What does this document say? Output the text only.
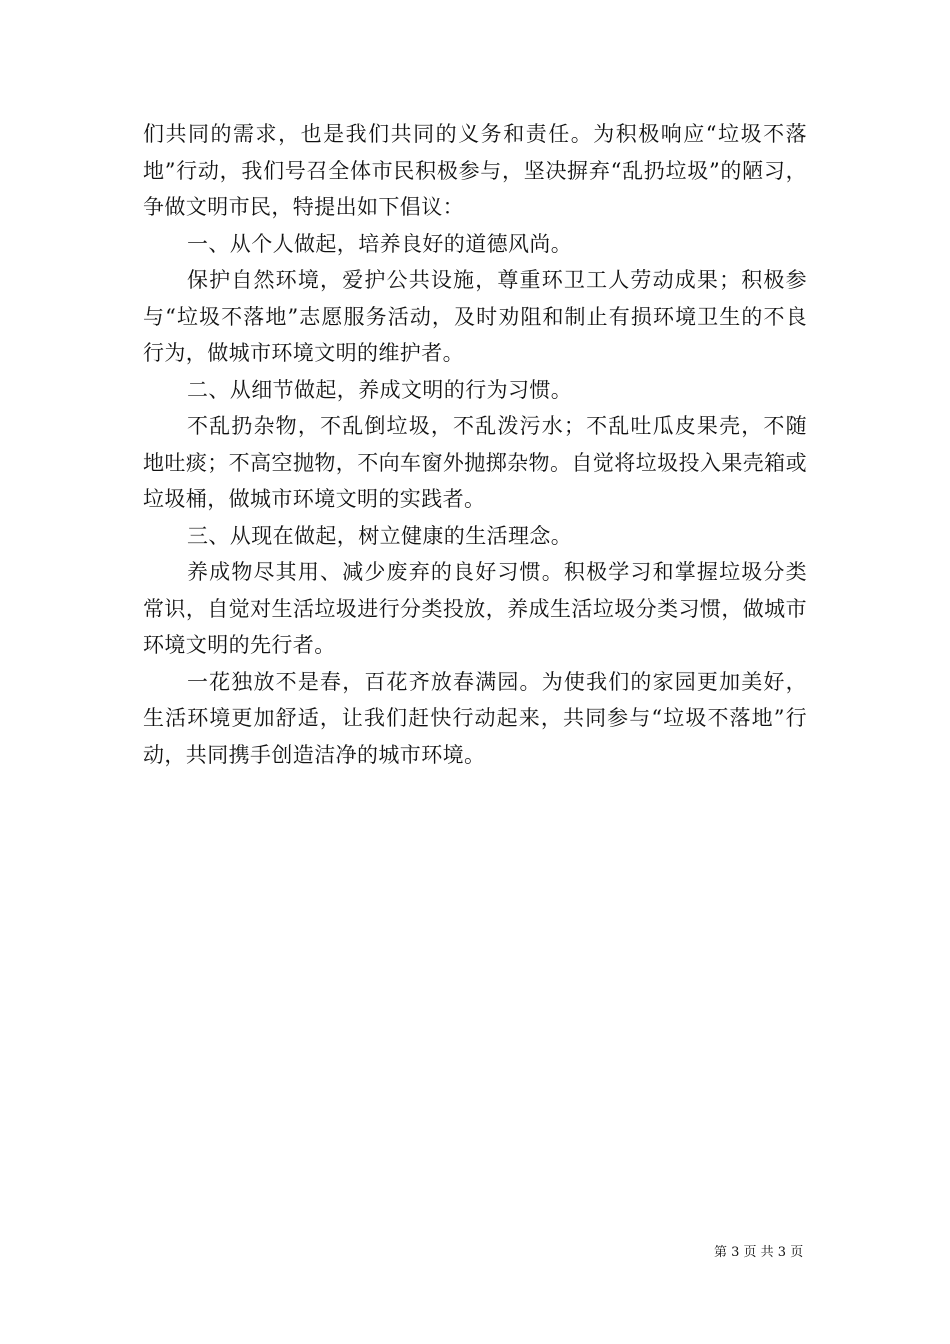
们共同的需求，也是我们共同的义务和责任。为积极响应“垃圾不落地”行动，我们号召全体市民积极参与，坚决摒弃“乱扔垃圾”的陋习，争做文明市民，特提出如下倡议：

一、从个人做起，培养良好的道德风尚。

保护自然环境，爱护公共设施，尊重环卫工人劳动成果；积极参与“垃圾不落地”志愿服务活动，及时劝阻和制止有损环境卫生的不良行为，做城市环境文明的维护者。

二、从细节做起，养成文明的行为习惯。

不乱扔杂物，不乱倒垃圾，不乱泼污水；不乱吐瓜皮果壳，不随地吐痰；不高空抛物，不向车窗外抛掷杂物。自觉将垃圾投入果壳箱或垃圾桶，做城市环境文明的实践者。

三、从现在做起，树立健康的生活理念。

养成物尽其用、减少废弃的良好习惯。积极学习和掌握垃圾分类常识，自觉对生活垃圾进行分类投放，养成生活垃圾分类习惯，做城市环境文明的先行者。

一花独放不是春，百花齐放春满园。为使我们的家园更加美好，生活环境更加舒适，让我们赶快行动起来，共同参与“垃圾不落地”行动，共同携手创造洁净的城市环境。

第 3 页 共 3 页
